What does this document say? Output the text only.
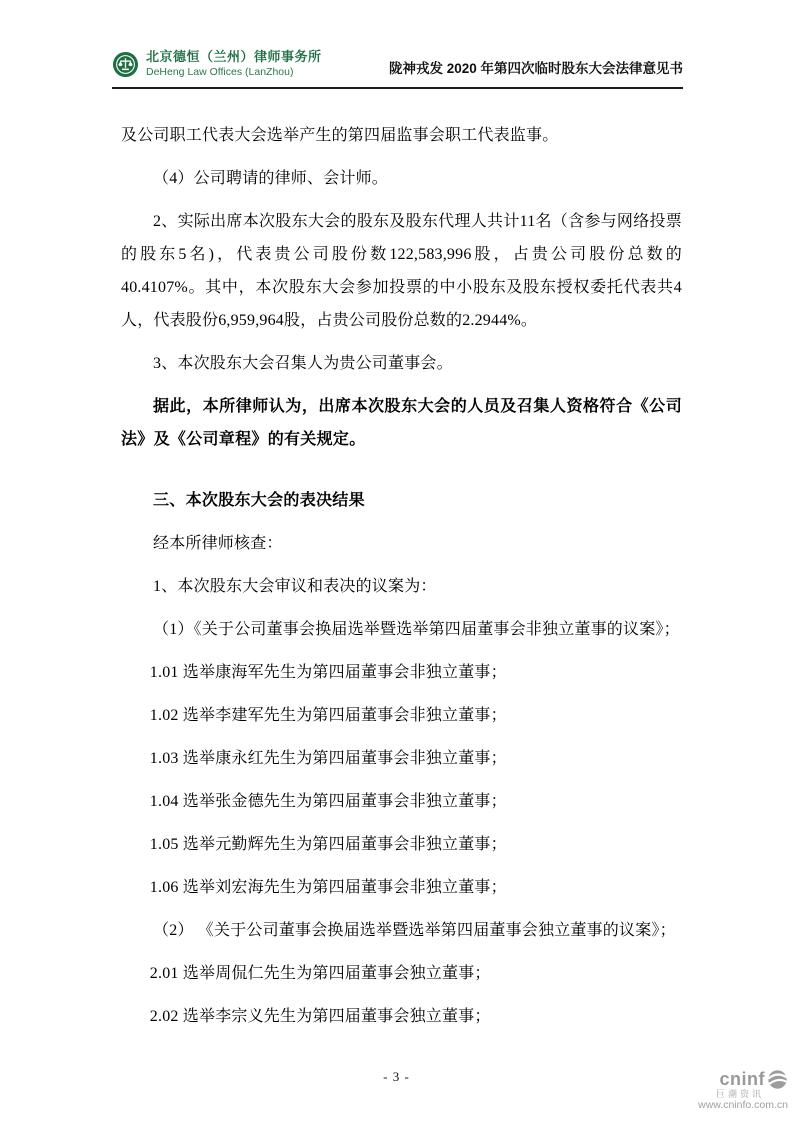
北京德恒（兰州）律师事务所
DeHeng Law Offices (LanZhou)	陇神戎发 2020 年第四次临时股东大会法律意见书

及公司职工代表大会选举产生的第四届监事会职工代表监事。

（4）公司聘请的律师、会计师。

2、实际出席本次股东大会的股东及股东代理人共计11名（含参与网络投票的股东5名)，代表贵公司股份数122,583,996股，占贵公司股份总数的40.4107%。其中，本次股东大会参加投票的中小股东及股东授权委托代表共4人，代表股份6,959,964股，占贵公司股份总数的2.2944%。

3、本次股东大会召集人为贵公司董事会。

据此，本所律师认为，出席本次股东大会的人员及召集人资格符合《公司法》及《公司章程》的有关规定。

三、本次股东大会的表决结果

经本所律师核查：

1、本次股东大会审议和表决的议案为：

（1）《关于公司董事会换届选举暨选举第四届董事会非独立董事的议案》；

1.01 选举康海军先生为第四届董事会非独立董事；

1.02 选举李建军先生为第四届董事会非独立董事；

1.03 选举康永红先生为第四届董事会非独立董事；

1.04 选举张金德先生为第四届董事会非独立董事；

1.05 选举元勤辉先生为第四届董事会非独立董事；

1.06 选举刘宏海先生为第四届董事会非独立董事；

（2） 《关于公司董事会换届选举暨选举第四届董事会独立董事的议案》；

2.01 选举周侃仁先生为第四届董事会独立董事；

2.02 选举李宗义先生为第四届董事会独立董事；

- 3 -	cninf
巨潮资讯
www.cninfo.com.cn
